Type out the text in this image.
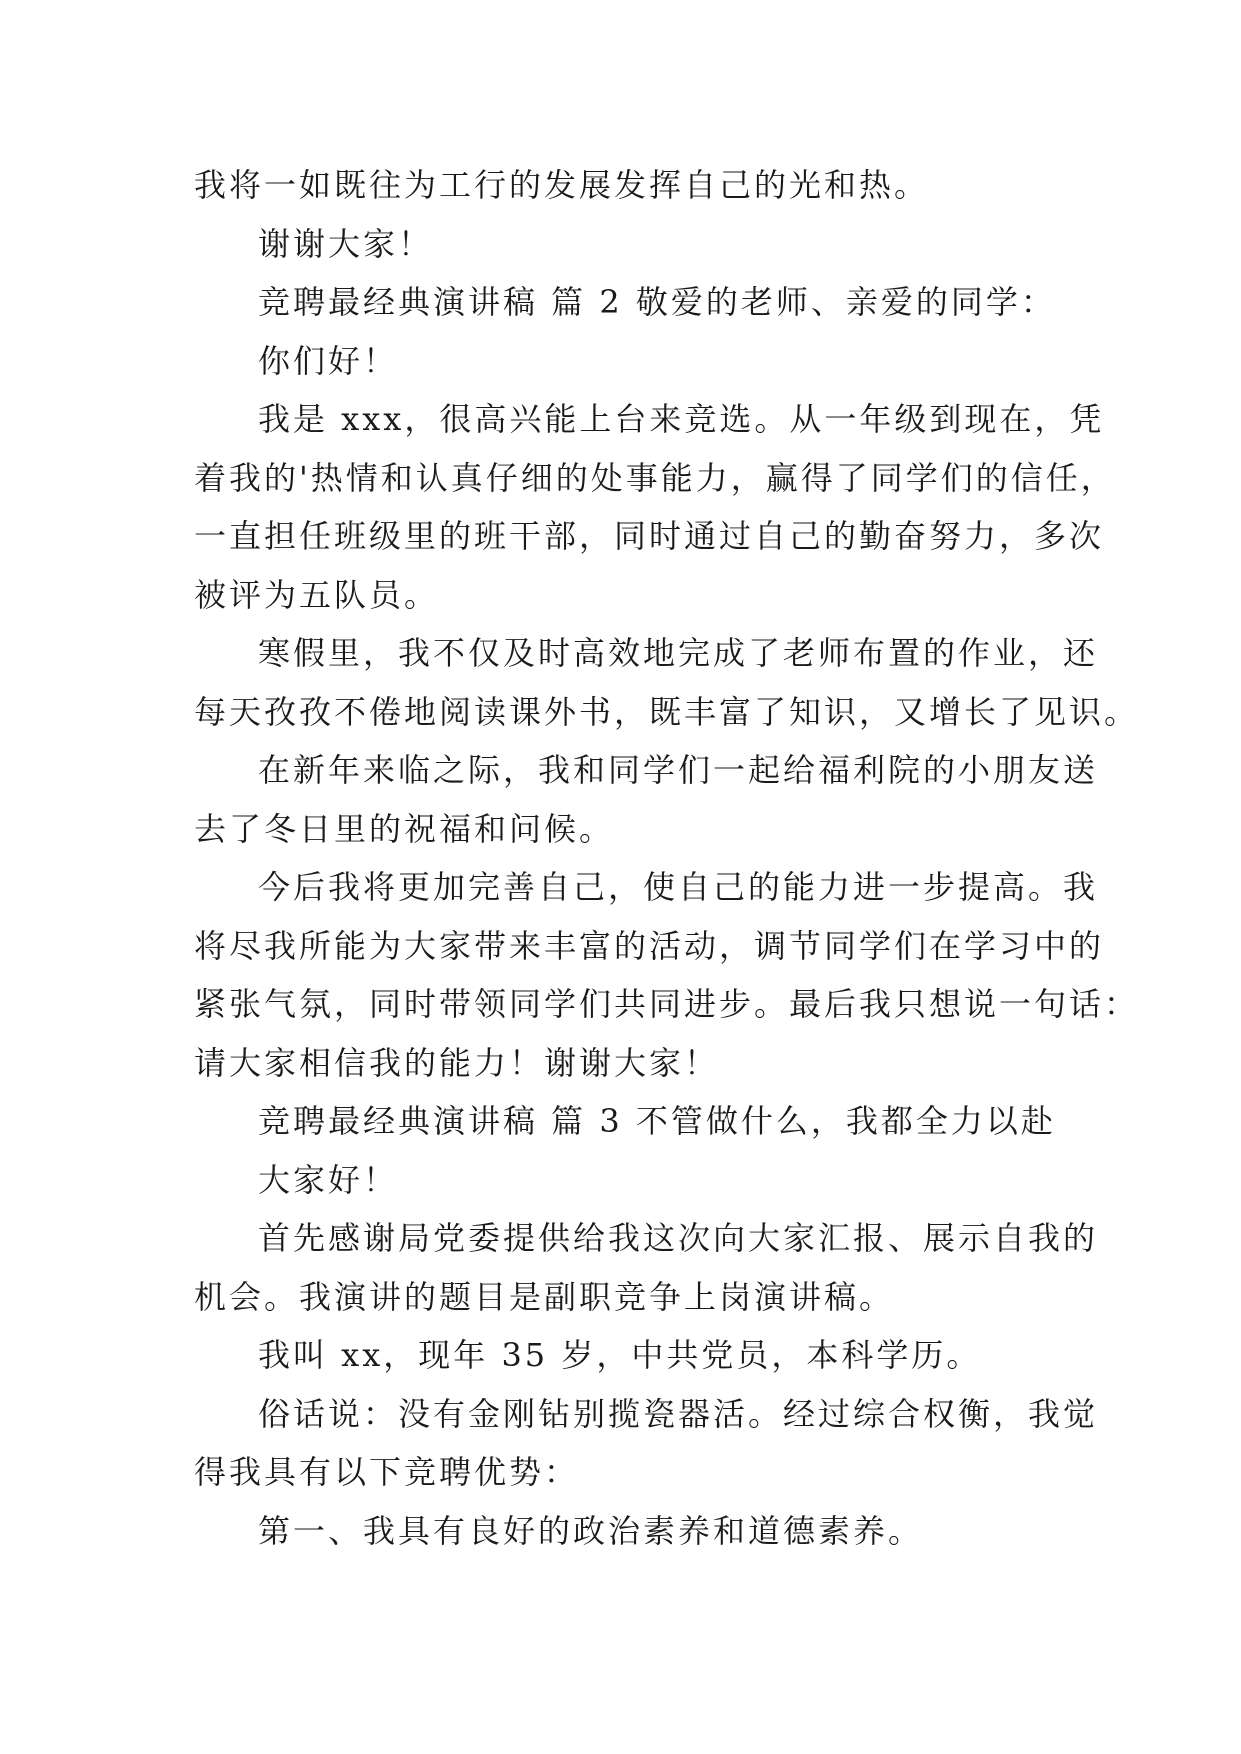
我将一如既往为工行的发展发挥自己的光和热。
谢谢大家！
竞聘最经典演讲稿 篇 2 敬爱的老师、亲爱的同学：
你们好！
我是 xxx，很高兴能上台来竞选。从一年级到现在，凭
着我的'热情和认真仔细的处事能力，赢得了同学们的信任，
一直担任班级里的班干部，同时通过自己的勤奋努力，多次
被评为五队员。
寒假里，我不仅及时高效地完成了老师布置的作业，还
每天孜孜不倦地阅读课外书，既丰富了知识，又增长了见识。
在新年来临之际，我和同学们一起给福利院的小朋友送
去了冬日里的祝福和问候。
今后我将更加完善自己，使自己的能力进一步提高。我
将尽我所能为大家带来丰富的活动，调节同学们在学习中的
紧张气氛，同时带领同学们共同进步。最后我只想说一句话：
请大家相信我的能力！谢谢大家！
竞聘最经典演讲稿 篇 3 不管做什么，我都全力以赴
大家好！
首先感谢局党委提供给我这次向大家汇报、展示自我的
机会。我演讲的题目是副职竞争上岗演讲稿。
我叫 xx，现年 35 岁，中共党员，本科学历。
俗话说：没有金刚钻别揽瓷器活。经过综合权衡，我觉
得我具有以下竞聘优势：
第一、我具有良好的政治素养和道德素养。
